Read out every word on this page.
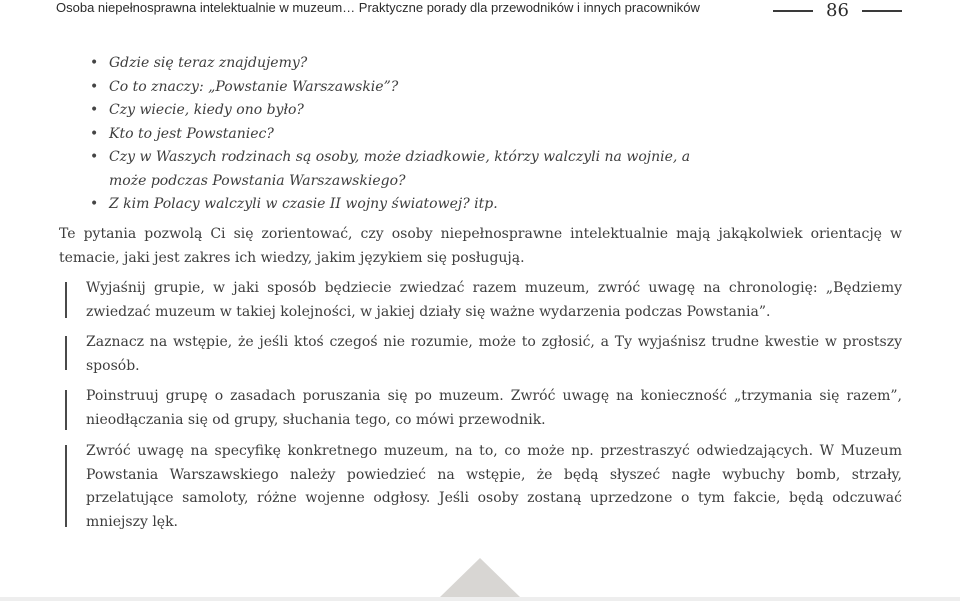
Osoba niepełnosprawna intelektualnie w muzeum… Praktyczne porady dla przewodników i innych pracowników	86
• Gdzie się teraz znajdujemy?
• Co to znaczy: „Powstanie Warszawskie”?
• Czy wiecie, kiedy ono było?
• Kto to jest Powstaniec?
• Czy w Waszych rodzinach są osoby, może dziadkowie, którzy walczyli na wojnie, a może podczas Powstania Warszawskiego?
• Z kim Polacy walczyli w czasie II wojny światowej? itp.

Te pytania pozwolą Ci się zorientować, czy osoby niepełnosprawne intelektualnie mają jakąkolwiek orientację w temacie, jaki jest zakres ich wiedzy, jakim językiem się posługują.

Wyjaśnij grupie, w jaki sposób będziecie zwiedzać razem muzeum, zwróć uwagę na chronologię: „Będziemy zwiedzać muzeum w takiej kolejności, w jakiej działy się ważne wydarzenia podczas Powstania”.

Zaznacz na wstępie, że jeśli ktoś czegoś nie rozumie, może to zgłosić, a Ty wyjaśnisz trudne kwestie w prostszy sposób.

Poinstruuj grupę o zasadach poruszania się po muzeum. Zwróć uwagę na konieczność „trzymania się razem”, nieodłączania się od grupy, słuchania tego, co mówi przewodnik.

Zwróć uwagę na specyfikę konkretnego muzeum, na to, co może np. przestraszyć odwiedzających. W Muzeum Powstania Warszawskiego należy powiedzieć na wstępie, że będą słyszeć nagłe wybuchy bomb, strzały, przelatujące samoloty, różne wojenne odgłosy. Jeśli osoby zostaną uprzedzone o tym fakcie, będą odczuwać mniejszy lęk.
